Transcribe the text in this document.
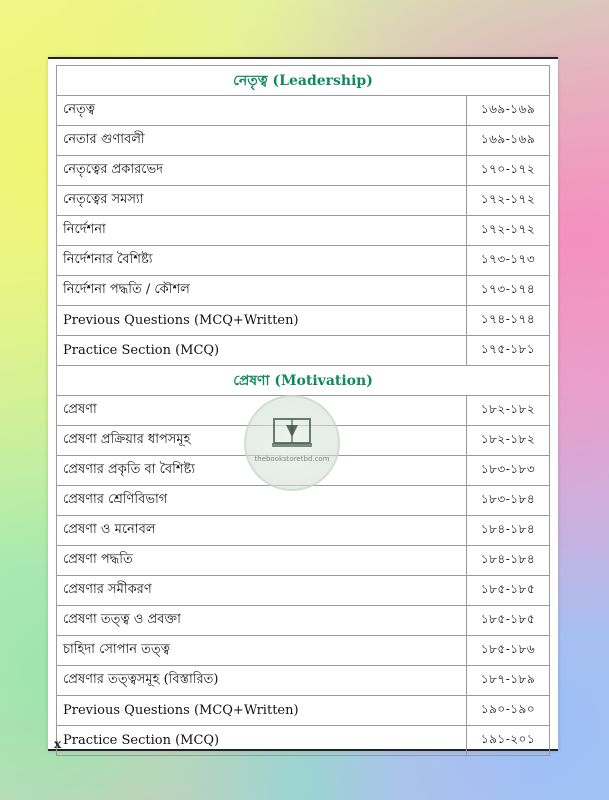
নেতৃত্ব (Leadership)
নেতৃত্ব	১৬৯-১৬৯
নেতার গুণাবলী	১৬৯-১৬৯
নেতৃত্বের প্রকারভেদ	১৭০-১৭২
নেতৃত্বের সমস্যা	১৭২-১৭২
নির্দেশনা	১৭২-১৭২
নির্দেশনার বৈশিষ্ট্য	১৭৩-১৭৩
নির্দেশনা পদ্ধতি / কৌশল	১৭৩-১৭৪
Previous Questions (MCQ+Written)	১৭৪-১৭৪
Practice Section (MCQ)	১৭৫-১৮১
প্রেষণা (Motivation)
প্রেষণা	১৮২-১৮২
প্রেষণা প্রক্রিয়ার ধাপসমূহ	১৮২-১৮২
প্রেষণার প্রকৃতি বা বৈশিষ্ট্য	১৮৩-১৮৩
প্রেষণার শ্রেণিবিভাগ	১৮৩-১৮৪
প্রেষণা ও মনোবল	১৮৪-১৮৪
প্রেষণা পদ্ধতি	১৮৪-১৮৪
প্রেষণার সমীকরণ	১৮৫-১৮৫
প্রেষণা তত্ত্ব ও প্রবক্তা	১৮৫-১৮৫
চাহিদা সোপান তত্ত্ব	১৮৫-১৮৬
প্রেষণার তত্ত্বসমূহ (বিস্তারিত)	১৮৭-১৮৯
Previous Questions (MCQ+Written)	১৯০-১৯০
Practice Section (MCQ)	১৯১-২০১
thebookstoretbd.com
x
